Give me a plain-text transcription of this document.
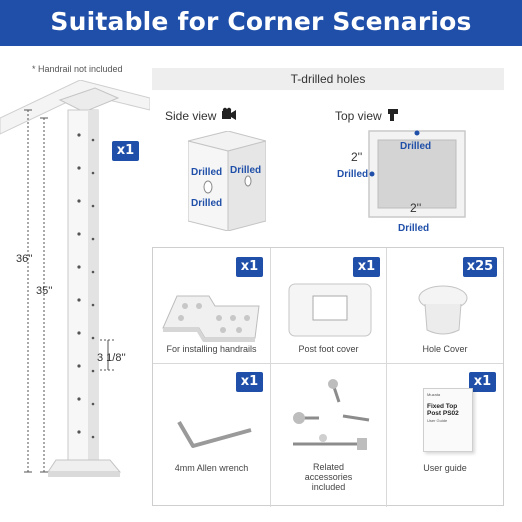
Suitable for Corner Scenarios
* Handrail not included
x1
36''
35''
3 1/8''
T-drilled holes
Side view
Drilled Drilled
Drilled
Top view
Drilled
Drilled
Drilled
2''
2''
x1
For installing handrails
x1
Post foot cover
x25
Hole Cover
x1
4mm Allen wrench	Related accessories included
x1
Muzata
Fixed Top Post PS02
User Guide
User guide
